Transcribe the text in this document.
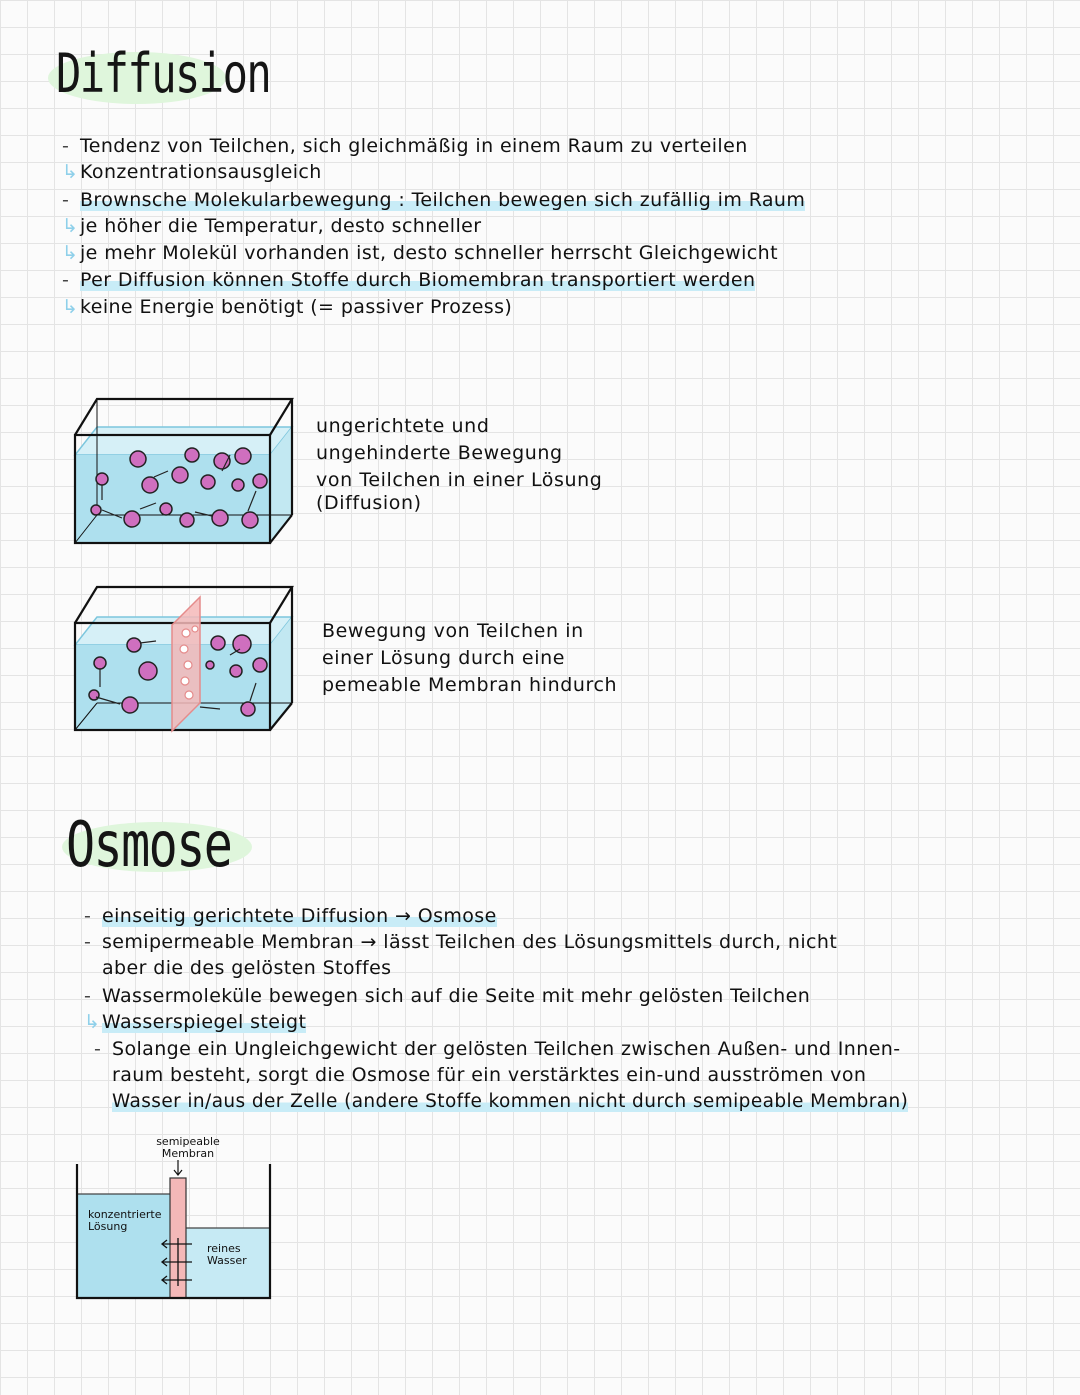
Diffusion
- Tendenz von Teilchen, sich gleichmäßig in einem Raum zu verteilen
↳Konzentrationsausgleich
- Brownsche Molekularbewegung : Teilchen bewegen sich zufällig im Raum
↳je höher die Temperatur, desto schneller
↳je mehr Molekül vorhanden ist, desto schneller herrscht Gleichgewicht
- Per Diffusion können Stoffe durch Biomembran transportiert werden
↳keine Energie benötigt (= passiver Prozess)
ungerichtete und
ungehinderte Bewegung
von Teilchen in einer Lösung
(Diffusion)
Bewegung von Teilchen in
einer Lösung durch eine
pemeable Membran hindurch
Osmose
- einseitig gerichtete Diffusion → Osmose
- semipermeable Membran → lässt Teilchen des Lösungsmittels durch, nicht
aber die des gelösten Stoffes
- Wassermoleküle bewegen sich auf die Seite mit mehr gelösten Teilchen
↳Wasserspiegel steigt
- Solange ein Ungleichgewicht der gelösten Teilchen zwischen Außen- und Innen-
raum besteht, sorgt die Osmose für ein verstärktes ein-und ausströmen von
Wasser in/aus der Zelle (andere Stoffe kommen nicht durch semipeable Membran)
semipeable Membran
konzentrierte Lösung
reines Wasser
